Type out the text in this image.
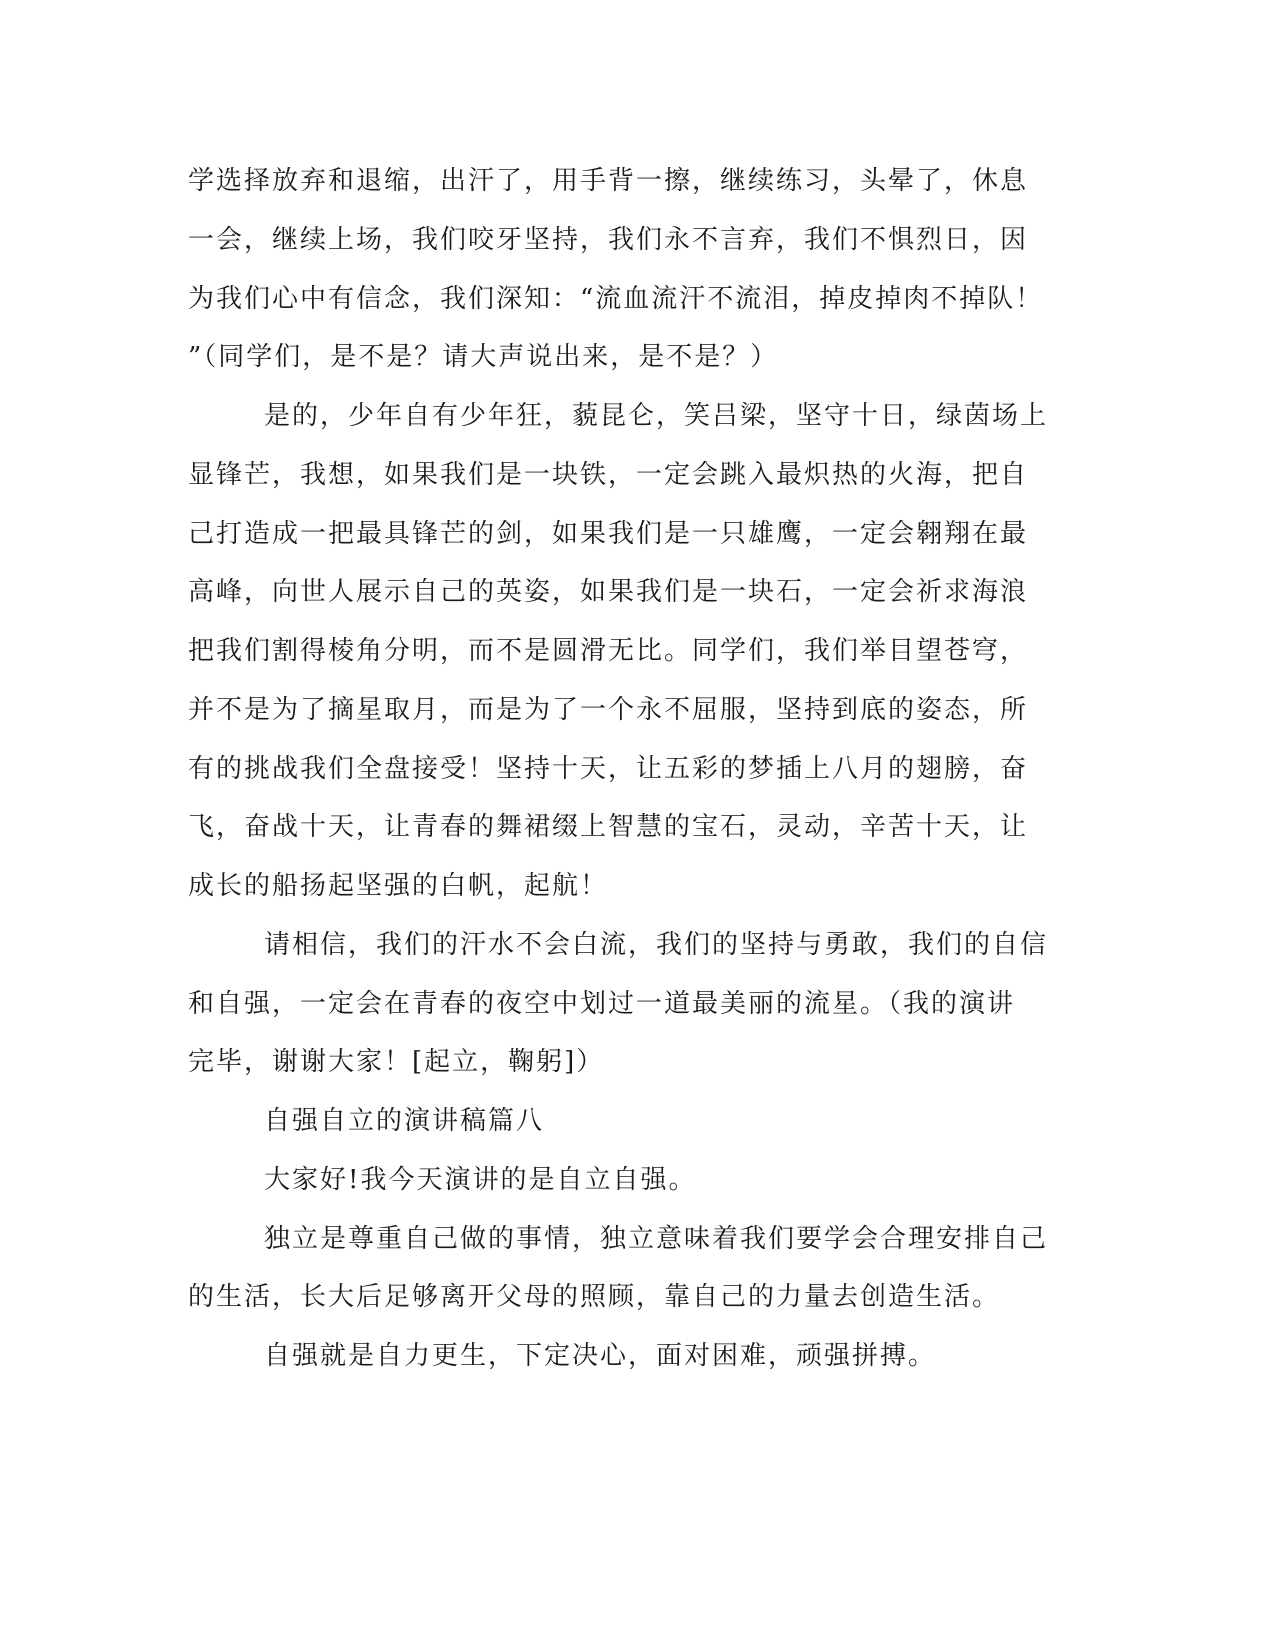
学选择放弃和退缩，出汗了，用手背一擦，继续练习，头晕了，休息
一会，继续上场，我们咬牙坚持，我们永不言弃，我们不惧烈日，因
为我们心中有信念，我们深知：“流血流汗不流泪，掉皮掉肉不掉队！
”（同学们，是不是？请大声说出来，是不是？）
是的，少年自有少年狂，藐昆仑，笑吕梁，坚守十日，绿茵场上
显锋芒，我想，如果我们是一块铁，一定会跳入最炽热的火海，把自
己打造成一把最具锋芒的剑，如果我们是一只雄鹰，一定会翱翔在最
高峰，向世人展示自己的英姿，如果我们是一块石，一定会祈求海浪
把我们割得棱角分明，而不是圆滑无比。同学们，我们举目望苍穹，
并不是为了摘星取月，而是为了一个永不屈服，坚持到底的姿态，所
有的挑战我们全盘接受！坚持十天，让五彩的梦插上八月的翅膀，奋
飞，奋战十天，让青春的舞裙缀上智慧的宝石，灵动，辛苦十天，让
成长的船扬起坚强的白帆，起航！
请相信，我们的汗水不会白流，我们的坚持与勇敢，我们的自信
和自强，一定会在青春的夜空中划过一道最美丽的流星。（我的演讲
完毕，谢谢大家！[起立，鞠躬]）
自强自立的演讲稿篇八
大家好!我今天演讲的是自立自强。
独立是尊重自己做的事情，独立意味着我们要学会合理安排自己
的生活，长大后足够离开父母的照顾，靠自己的力量去创造生活。
自强就是自力更生，下定决心，面对困难，顽强拼搏。
